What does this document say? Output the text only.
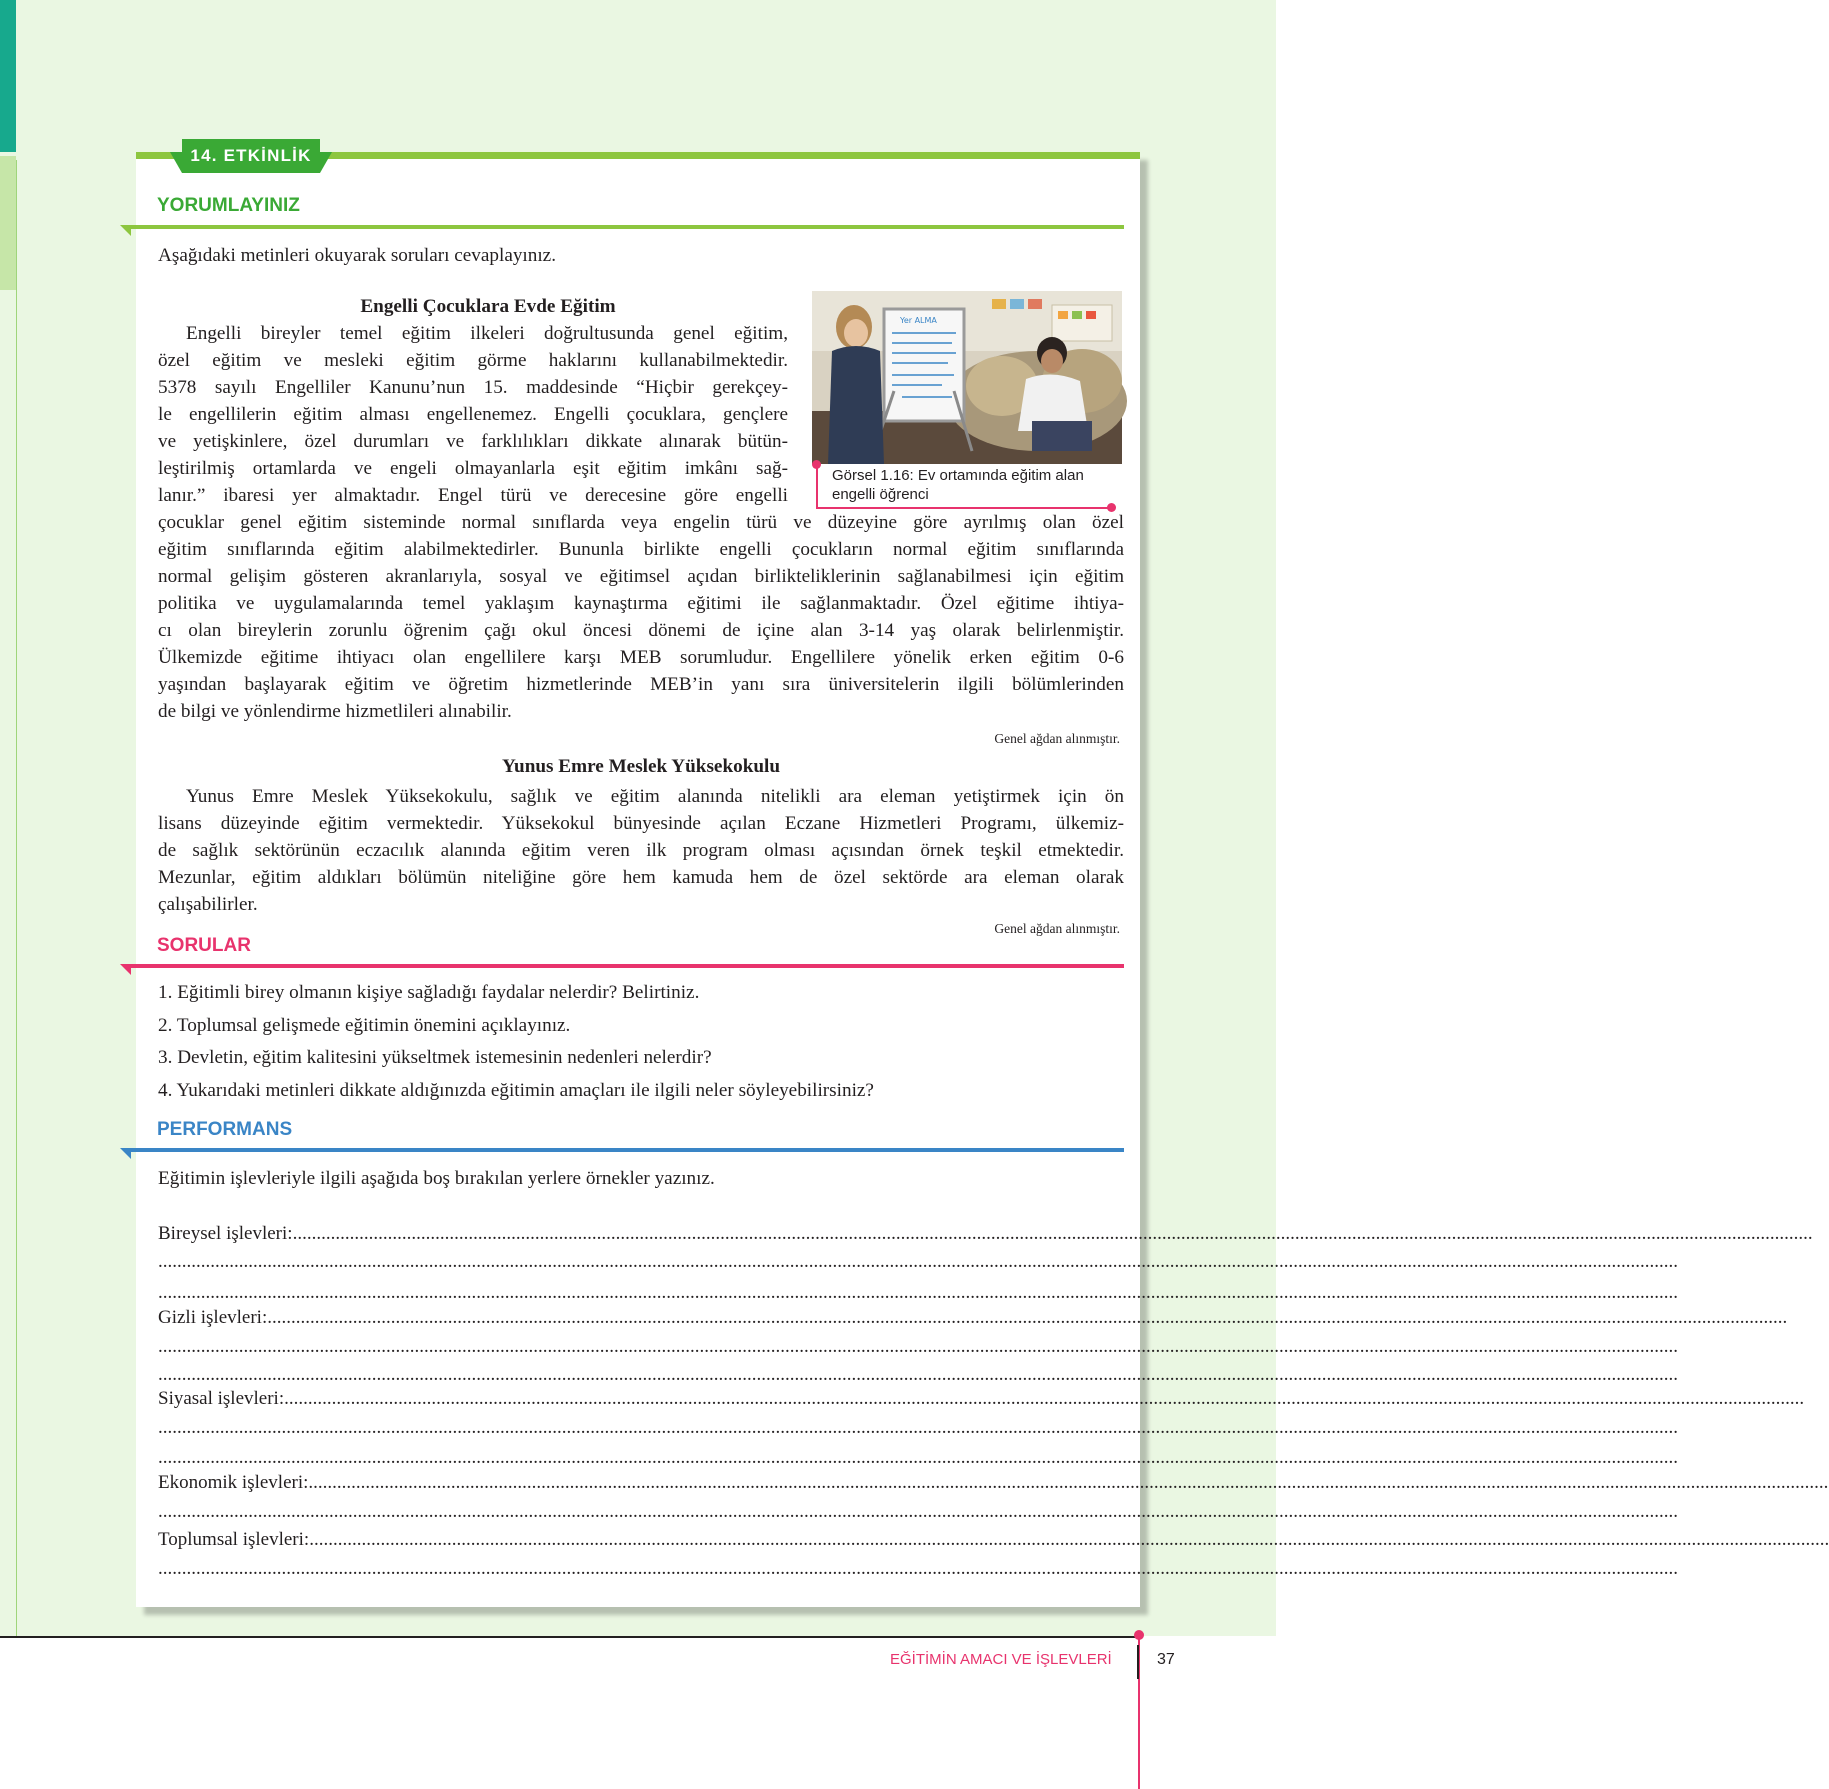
14. ETKİNLİK
YORUMLAYINIZ
Aşağıdaki metinleri okuyarak soruları cevaplayınız.
Engelli Çocuklara Evde Eğitim
Engelli bireyler temel eğitim ilkeleri doğrultusunda genel eğitim,
özel eğitim ve mesleki eğitim görme haklarını kullanabilmektedir.
5378 sayılı Engelliler Kanunu’nun 15. maddesinde “Hiçbir gerekçey-
le engellilerin eğitim alması engellenemez. Engelli çocuklara, gençlere
ve yetişkinlere, özel durumları ve farklılıkları dikkate alınarak bütün-
leştirilmiş ortamlarda ve engeli olmayanlarla eşit eğitim imkânı sağ-
lanır.” ibaresi yer almaktadır. Engel türü ve derecesine göre engelli
çocuklar genel eğitim sisteminde normal sınıflarda veya engelin türü ve düzeyine göre ayrılmış olan özel
eğitim sınıflarında eğitim alabilmektedirler. Bununla birlikte engelli çocukların normal eğitim sınıflarında
normal gelişim gösteren akranlarıyla, sosyal ve eğitimsel açıdan birlikteliklerinin sağlanabilmesi için eğitim
politika ve uygulamalarında temel yaklaşım kaynaştırma eğitimi ile sağlanmaktadır. Özel eğitime ihtiya-
cı olan bireylerin zorunlu öğrenim çağı okul öncesi dönemi de içine alan 3-14 yaş olarak belirlenmiştir.
Ülkemizde eğitime ihtiyacı olan engellilere karşı MEB sorumludur. Engellilere yönelik erken eğitim 0-6
yaşından başlayarak eğitim ve öğretim hizmetlerinde MEB’in yanı sıra üniversitelerin ilgili bölümlerinden
de bilgi ve yönlendirme hizmetlileri alınabilir.
Genel ağdan alınmıştır.
Yer ALMA
Görsel 1.16: Ev ortamında eğitim alan engelli öğrenci
Yunus Emre Meslek Yüksekokulu
Yunus Emre Meslek Yüksekokulu, sağlık ve eğitim alanında nitelikli ara eleman yetiştirmek için ön
lisans düzeyinde eğitim vermektedir. Yüksekokul bünyesinde açılan Eczane Hizmetleri Programı, ülkemiz-
de sağlık sektörünün eczacılık alanında eğitim veren ilk program olması açısından örnek teşkil etmektedir.
Mezunlar, eğitim aldıkları bölümün niteliğine göre hem kamuda hem de özel sektörde ara eleman olarak
çalışabilirler.
Genel ağdan alınmıştır.
SORULAR
1. Eğitimli birey olmanın kişiye sağladığı faydalar nelerdir? Belirtiniz.
2. Toplumsal gelişmede eğitimin önemini açıklayınız.
3. Devletin, eğitim kalitesini yükseltmek istemesinin nedenleri nelerdir?
4. Yukarıdaki metinleri dikkate aldığınızda eğitimin amaçları ile ilgili neler söyleyebilirsiniz?
PERFORMANS
Eğitimin işlevleriyle ilgili aşağıda boş bırakılan yerlere örnekler yazınız.
Bireysel işlevleri:................................................................................................................................................................................................................................................................................................................................
................................................................................................................................................................................................................................................................................................................................
................................................................................................................................................................................................................................................................................................................................
Gizli işlevleri:................................................................................................................................................................................................................................................................................................................................
................................................................................................................................................................................................................................................................................................................................
................................................................................................................................................................................................................................................................................................................................
Siyasal işlevleri:................................................................................................................................................................................................................................................................................................................................
................................................................................................................................................................................................................................................................................................................................
................................................................................................................................................................................................................................................................................................................................
Ekonomik işlevleri:................................................................................................................................................................................................................................................................................................................................
................................................................................................................................................................................................................................................................................................................................
Toplumsal işlevleri:................................................................................................................................................................................................................................................................................................................................
................................................................................................................................................................................................................................................................................................................................
EĞİTİMİN AMACI VE İŞLEVLERİ	37
